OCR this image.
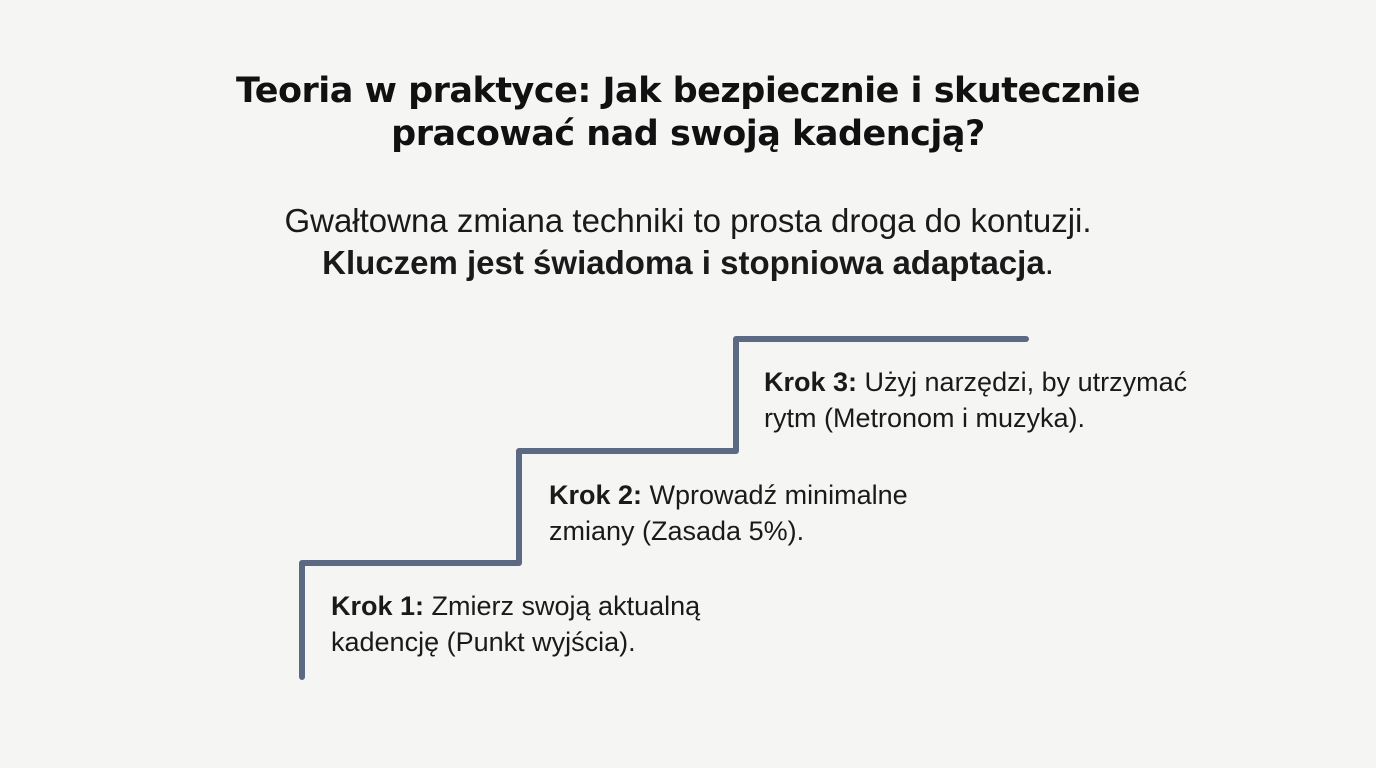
Teoria w praktyce: Jak bezpiecznie i skutecznie
pracować nad swoją kadencją?
Gwałtowna zmiana techniki to prosta droga do kontuzji.
Kluczem jest świadoma i stopniowa adaptacja.
Krok 1: Zmierz swoją aktualną
kadencję (Punkt wyjścia).
Krok 2: Wprowadź minimalne
zmiany (Zasada 5%).
Krok 3: Użyj narzędzi, by utrzymać
rytm (Metronom i muzyka).
